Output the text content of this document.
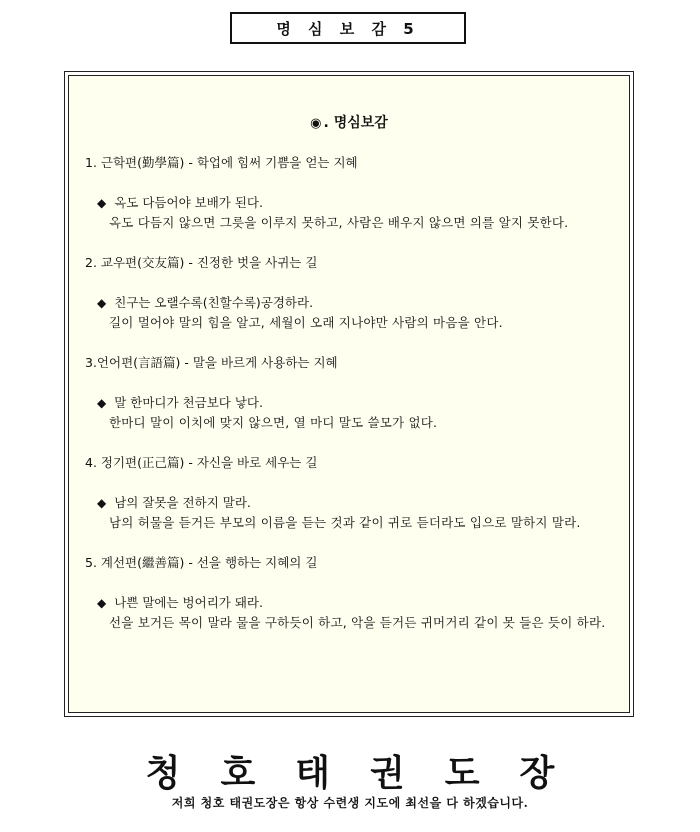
명 심 보 감 5
◉ . 명심보감
1. 근학편(勤學篇) - 학업에 힘써 기쁨을 얻는 지혜
◆ 옥도 다듬어야 보배가 된다.
옥도 다듬지 않으면 그릇을 이루지 못하고, 사람은 배우지 않으면 의를 알지 못한다.
2. 교우편(交友篇) - 진정한 벗을 사귀는 길
◆ 친구는 오랠수록(친할수록)공경하라.
길이 멀어야 말의 힘을 알고, 세월이 오래 지나야만 사람의 마음을 안다.
3.언어편(言語篇) - 말을 바르게 사용하는 지혜
◆ 말 한마디가 천금보다 낳다.
한마디 말이 이치에 맞지 않으면, 열 마디 말도 쓸모가 없다.
4. 정기편(正己篇) - 자신을 바로 세우는 길
◆ 남의 잘못을 전하지 말라.
남의 허물을 듣거든 부모의 이름을 듣는 것과 같이 귀로 듣더라도 입으로 말하지 말라.
5. 계선편(繼善篇) - 선을 행하는 지혜의 길
◆ 나쁜 말에는 벙어리가 돼라.
선을 보거든 목이 말라 물을 구하듯이 하고, 악을 듣거든 귀머거리 같이 못 들은 듯이 하라.
청호태권도장
저희 청호 태권도장은 항상 수련생 지도에 최선을 다 하겠습니다.
